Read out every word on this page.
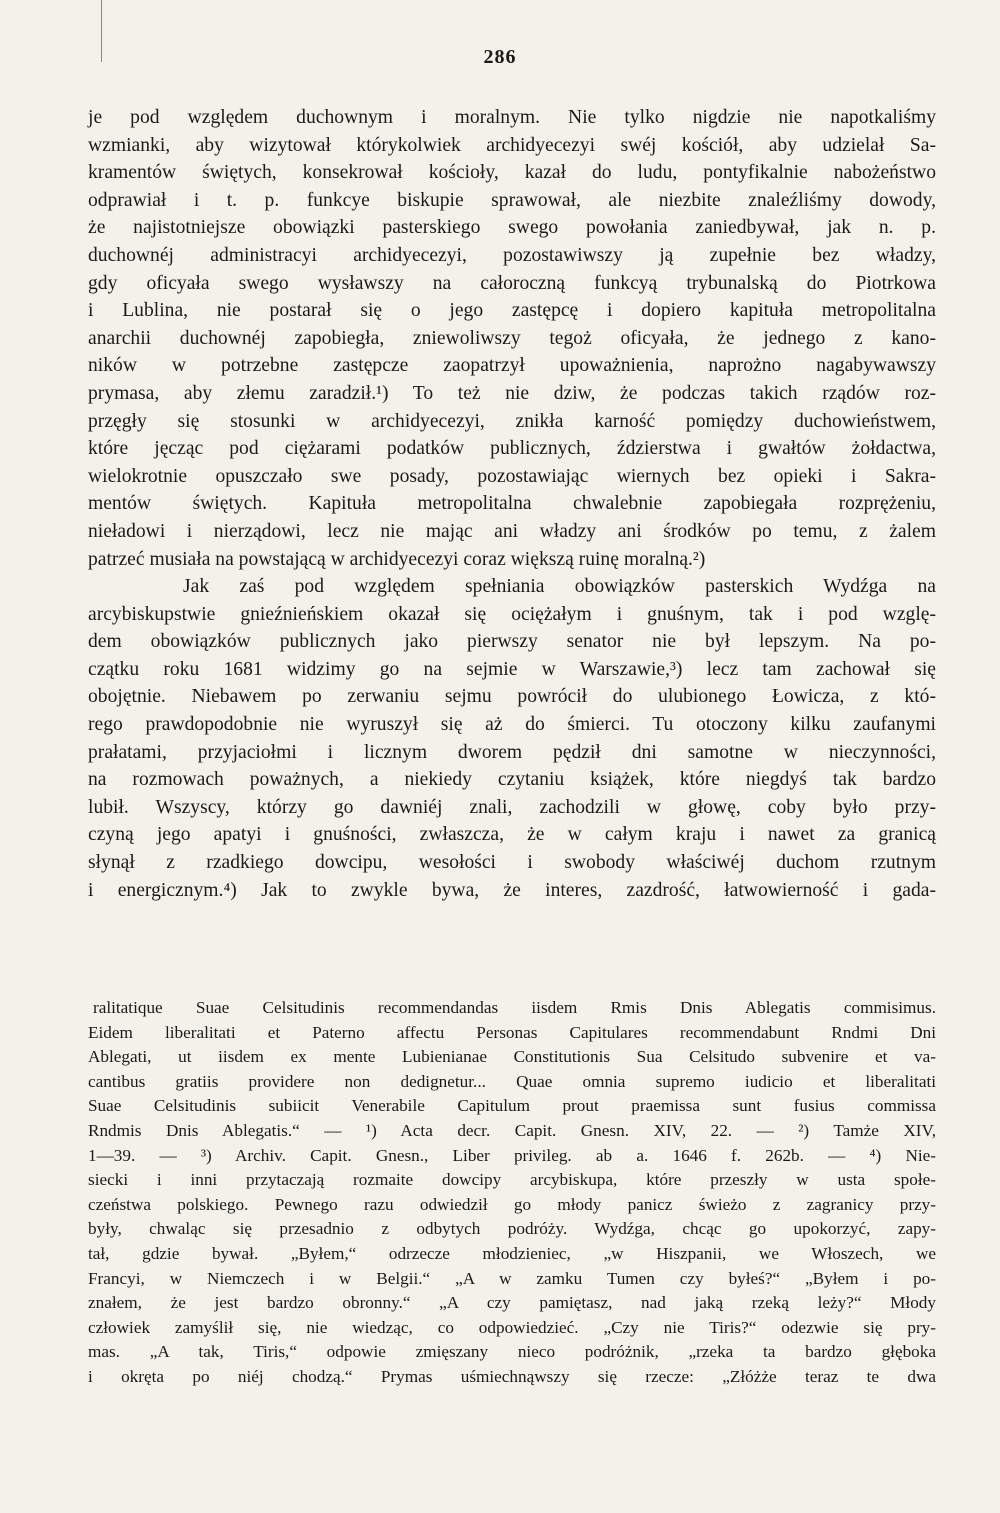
286
je pod względem duchownym i moralnym. Nie tylko nigdzie nie napotkaliśmy
wzmianki, aby wizytował którykolwiek archidyecezyi swéj kościół, aby udzielał Sa-
kramentów świętych, konsekrował kościoły, kazał do ludu, pontyfikalnie nabożeństwo
odprawiał i t. p. funkcye biskupie sprawował, ale niezbite znaleźliśmy dowody,
że najistotniejsze obowiązki pasterskiego swego powołania zaniedbywał, jak n. p.
duchownéj administracyi archidyecezyi, pozostawiwszy ją zupełnie bez władzy,
gdy oficyała swego wysławszy na całoroczną funkcyą trybunalską do Piotrkowa
i Lublina, nie postarał się o jego zastępcę i dopiero kapituła metropolitalna
anarchii duchownéj zapobiegła, zniewoliwszy tegoż oficyała, że jednego z kano-
ników w potrzebne zastępcze zaopatrzył upoważnienia, naprożno nagabywawszy
prymasa, aby złemu zaradził.¹) To też nie dziw, że podczas takich rządów roz-
przęgły się stosunki w archidyecezyi, znikła karność pomiędzy duchowieństwem,
które jęcząc pod ciężarami podatków publicznych, ździerstwa i gwałtów żołdactwa,
wielokrotnie opuszczało swe posady, pozostawiając wiernych bez opieki i Sakra-
mentów świętych. Kapituła metropolitalna chwalebnie zapobiegała rozprężeniu,
nieładowi i nierządowi, lecz nie mając ani władzy ani środków po temu, z żalem
patrzeć musiała na powstającą w archidyecezyi coraz większą ruinę moralną.²)
Jak zaś pod względem spełniania obowiązków pasterskich Wydźga na
arcybiskupstwie gnieźnieńskiem okazał się ociężałym i gnuśnym, tak i pod wzglę-
dem obowiązków publicznych jako pierwszy senator nie był lepszym. Na po-
czątku roku 1681 widzimy go na sejmie w Warszawie,³) lecz tam zachował się
obojętnie. Niebawem po zerwaniu sejmu powrócił do ulubionego Łowicza, z któ-
rego prawdopodobnie nie wyruszył się aż do śmierci. Tu otoczony kilku zaufanymi
prałatami, przyjaciołmi i licznym dworem pędził dni samotne w nieczynności,
na rozmowach poważnych, a niekiedy czytaniu książek, które niegdyś tak bardzo
lubił. Wszyscy, którzy go dawniéj znali, zachodzili w głowę, coby było przy-
czyną jego apatyi i gnuśności, zwłaszcza, że w całym kraju i nawet za granicą
słynął z rzadkiego dowcipu, wesołości i swobody właściwéj duchom rzutnym
i energicznym.⁴) Jak to zwykle bywa, że interes, zazdrość, łatwowierność i gada-
ralitatique Suae Celsitudinis recommendandas iisdem Rmis Dnis Ablegatis commisimus.
Eidem liberalitati et Paterno affectu Personas Capitulares recommendabunt Rndmi Dni
Ablegati, ut iisdem ex mente Lubienianae Constitutionis Sua Celsitudo subvenire et va-
cantibus gratiis providere non dedignetur... Quae omnia supremo iudicio et liberalitati
Suae Celsitudinis subiicit Venerabile Capitulum prout praemissa sunt fusius commissa
Rndmis Dnis Ablegatis.“ — ¹) Acta decr. Capit. Gnesn. XIV, 22. — ²) Tamże XIV,
1—39. — ³) Archiv. Capit. Gnesn., Liber privileg. ab a. 1646 f. 262b. — ⁴) Nie-
siecki i inni przytaczają rozmaite dowcipy arcybiskupa, które przeszły w usta społe-
czeństwa polskiego. Pewnego razu odwiedził go młody panicz świeżo z zagranicy przy-
były, chwaląc się przesadnio z odbytych podróży. Wydźga, chcąc go upokorzyć, zapy-
tał, gdzie bywał. „Byłem,“ odrzecze młodzieniec, „w Hiszpanii, we Włoszech, we
Francyi, w Niemczech i w Belgii.“ „A w zamku Tumen czy byłeś?“ „Byłem i po-
znałem, że jest bardzo obronny.“ „A czy pamiętasz, nad jaką rzeką leży?“ Młody
człowiek zamyślił się, nie wiedząc, co odpowiedzieć. „Czy nie Tiris?“ odezwie się pry-
mas. „A tak, Tiris,“ odpowie zmięszany nieco podróżnik, „rzeka ta bardzo głęboka
i okręta po niéj chodzą.“ Prymas uśmiechnąwszy się rzecze: „Złóżże teraz te dwa
